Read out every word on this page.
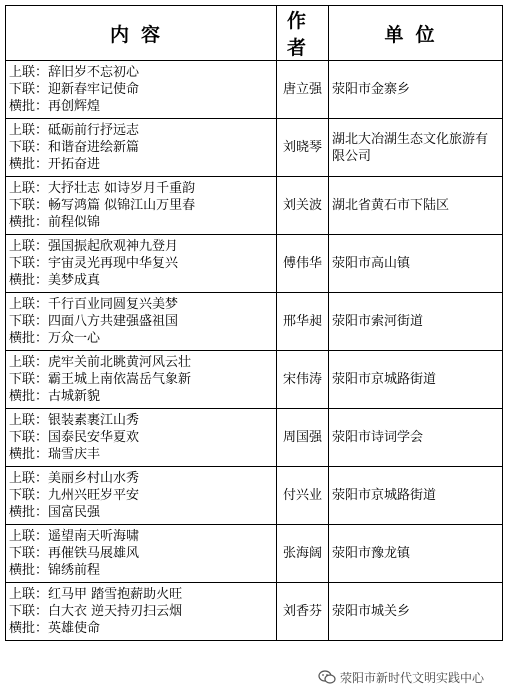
内容	作者	单位

上联：辞旧岁不忘初心
下联：迎新春牢记使命
横批：再创辉煌	唐立强	荥阳市金寨乡

上联：砥砺前行抒远志
下联：和谐奋进绘新篇
横批：开拓奋进	刘晓琴	湖北大冶湖生态文化旅游有限公司

上联：大抒壮志 如诗岁月千重韵
下联：畅写鸿篇 似锦江山万里春
横批：前程似锦	刘关波	湖北省黄石市下陆区

上联：强国振起欣观神九登月
下联：宇宙灵光再现中华复兴
横批：美梦成真	傅伟华	荥阳市高山镇

上联：千行百业同圆复兴美梦
下联：四面八方共建强盛祖国
横批：万众一心	邢华昶	荥阳市索河街道

上联：虎牢关前北眺黄河风云壮
下联：霸王城上南依嵩岳气象新
横批：古城新貌	宋伟涛	荥阳市京城路街道

上联：银装素裹江山秀
下联：国泰民安华夏欢
横批：瑞雪庆丰	周国强	荥阳市诗词学会

上联：美丽乡村山水秀
下联：九州兴旺岁平安
横批：国富民强	付兴业	荥阳市京城路街道

上联：遥望南天听海啸
下联：再催铁马展雄风
横批：锦绣前程	张海阔	荥阳市豫龙镇

上联：红马甲 踏雪抱薪助火旺
下联：白大衣 逆天持刃扫云烟
横批：英雄使命	刘香芬	荥阳市城关乡
荥阳市新时代文明实践中心
